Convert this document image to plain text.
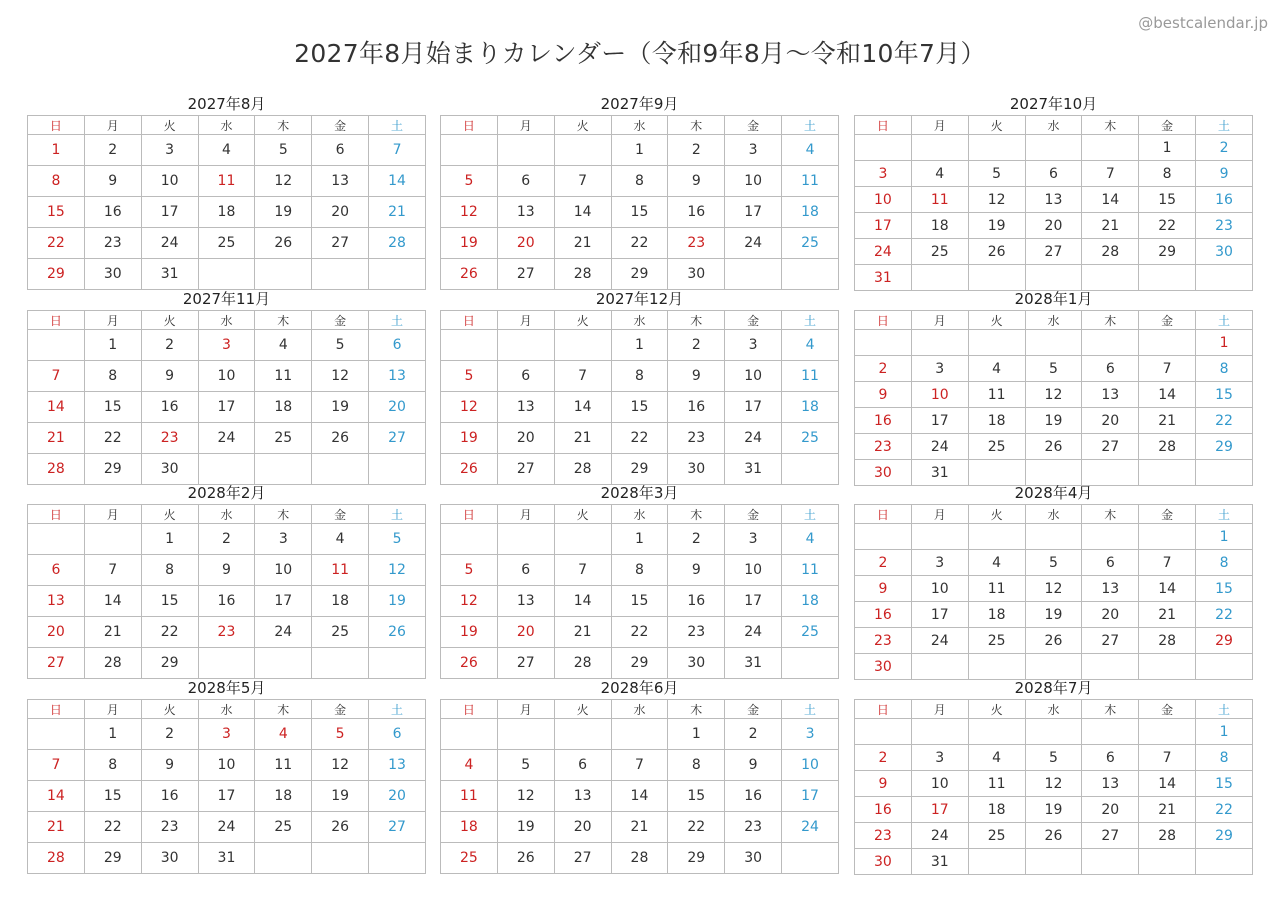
@bestcalendar.jp
2027年8月始まりカレンダー（令和9年8月〜令和10年7月）
2027年8月
日	月	火	水	木	金	土
1	2	3	4	5	6	7
8	9	10	11	12	13	14
15	16	17	18	19	20	21
22	23	24	25	26	27	28
29	30	31				
2027年9月
日	月	火	水	木	金	土
			1	2	3	4
5	6	7	8	9	10	11
12	13	14	15	16	17	18
19	20	21	22	23	24	25
26	27	28	29	30		
2027年10月
日	月	火	水	木	金	土
					1	2
3	4	5	6	7	8	9
10	11	12	13	14	15	16
17	18	19	20	21	22	23
24	25	26	27	28	29	30
31						
2027年11月
日	月	火	水	木	金	土
	1	2	3	4	5	6
7	8	9	10	11	12	13
14	15	16	17	18	19	20
21	22	23	24	25	26	27
28	29	30				
2027年12月
日	月	火	水	木	金	土
			1	2	3	4
5	6	7	8	9	10	11
12	13	14	15	16	17	18
19	20	21	22	23	24	25
26	27	28	29	30	31	
2028年1月
日	月	火	水	木	金	土
						1
2	3	4	5	6	7	8
9	10	11	12	13	14	15
16	17	18	19	20	21	22
23	24	25	26	27	28	29
30	31					
2028年2月
日	月	火	水	木	金	土
		1	2	3	4	5
6	7	8	9	10	11	12
13	14	15	16	17	18	19
20	21	22	23	24	25	26
27	28	29				
2028年3月
日	月	火	水	木	金	土
			1	2	3	4
5	6	7	8	9	10	11
12	13	14	15	16	17	18
19	20	21	22	23	24	25
26	27	28	29	30	31	
2028年4月
日	月	火	水	木	金	土
						1
2	3	4	5	6	7	8
9	10	11	12	13	14	15
16	17	18	19	20	21	22
23	24	25	26	27	28	29
30						
2028年5月
日	月	火	水	木	金	土
	1	2	3	4	5	6
7	8	9	10	11	12	13
14	15	16	17	18	19	20
21	22	23	24	25	26	27
28	29	30	31			
2028年6月
日	月	火	水	木	金	土
				1	2	3
4	5	6	7	8	9	10
11	12	13	14	15	16	17
18	19	20	21	22	23	24
25	26	27	28	29	30	
2028年7月
日	月	火	水	木	金	土
						1
2	3	4	5	6	7	8
9	10	11	12	13	14	15
16	17	18	19	20	21	22
23	24	25	26	27	28	29
30	31					
